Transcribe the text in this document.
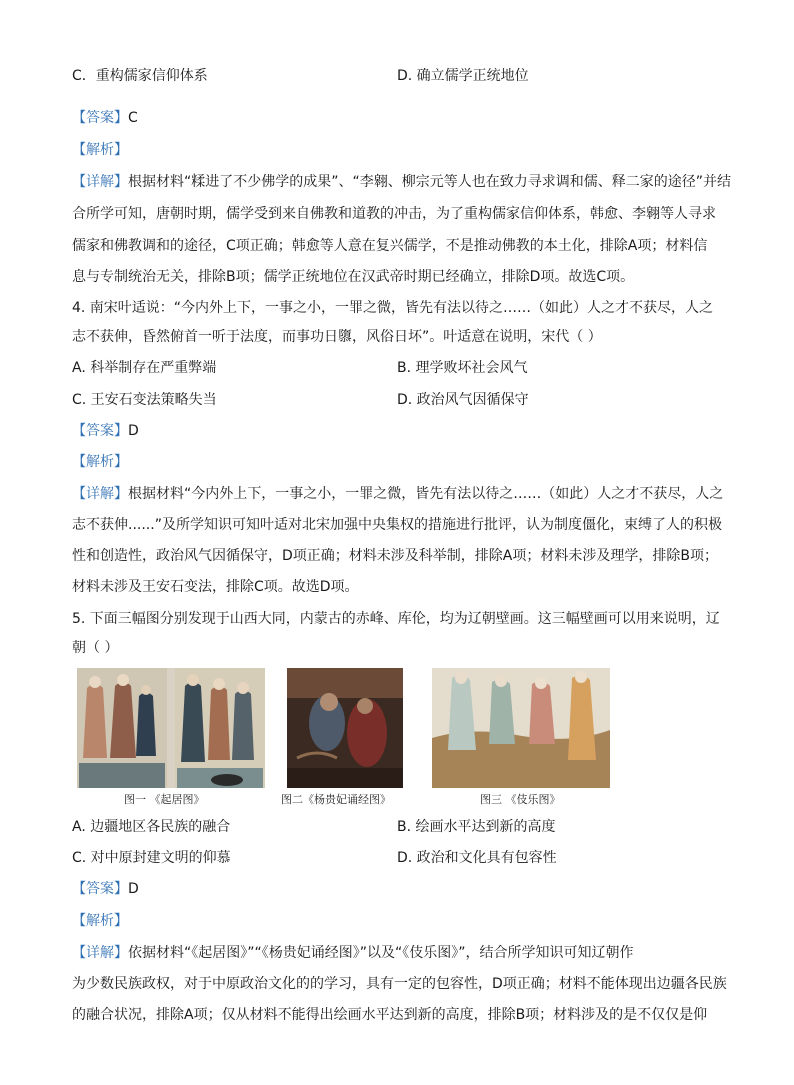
C．重构儒家信仰体系	D. 确立儒学正统地位
【答案】C
【解析】
【详解】根据材料“糅进了不少佛学的成果”、“李翱、柳宗元等人也在致力寻求调和儒、释二家的途径”并结
合所学可知，唐朝时期，儒学受到来自佛教和道教的冲击，为了重构儒家信仰体系，韩愈、李翱等人寻求
儒家和佛教调和的途径，C项正确；韩愈等人意在复兴儒学，不是推动佛教的本土化，排除A项；材料信
息与专制统治无关，排除B项；儒学正统地位在汉武帝时期已经确立，排除D项。故选C项。
4. 南宋叶适说：“今内外上下，一事之小，一罪之微，皆先有法以待之……（如此）人之才不获尽，人之
志不获伸，昏然俯首一听于法度，而事功日隳，风俗日坏”。叶适意在说明，宋代（ ）
A. 科举制存在严重弊端	B. 理学败坏社会风气
C. 王安石变法策略失当	D. 政治风气因循保守
【答案】D
【解析】
【详解】根据材料“今内外上下，一事之小，一罪之微，皆先有法以待之……（如此）人之才不获尽，人之
志不获伸......”及所学知识可知叶适对北宋加强中央集权的措施进行批评，认为制度僵化，束缚了人的积极
性和创造性，政治风气因循保守，D项正确；材料未涉及科举制，排除A项；材料未涉及理学，排除B项；
材料未涉及王安石变法，排除C项。故选D项。
5. 下面三幅图分别发现于山西大同，内蒙古的赤峰、库伦，均为辽朝壁画。这三幅壁画可以用来说明，辽
朝（ ）
图一 《起居图》	图二《杨贵妃诵经图》	图三 《伎乐图》
A. 边疆地区各民族的融合	B. 绘画水平达到新的高度
C. 对中原封建文明的仰慕	D. 政治和文化具有包容性
【答案】D
【解析】
【详解】依据材料“《起居图》”“《杨贵妃诵经图》”以及“《伎乐图》”，结合所学知识可知辽朝作
为少数民族政权，对于中原政治文化的的学习，具有一定的包容性，D项正确；材料不能体现出边疆各民族
的融合状况，排除A项；仅从材料不能得出绘画水平达到新的高度，排除B项；材料涉及的是不仅仅是仰
